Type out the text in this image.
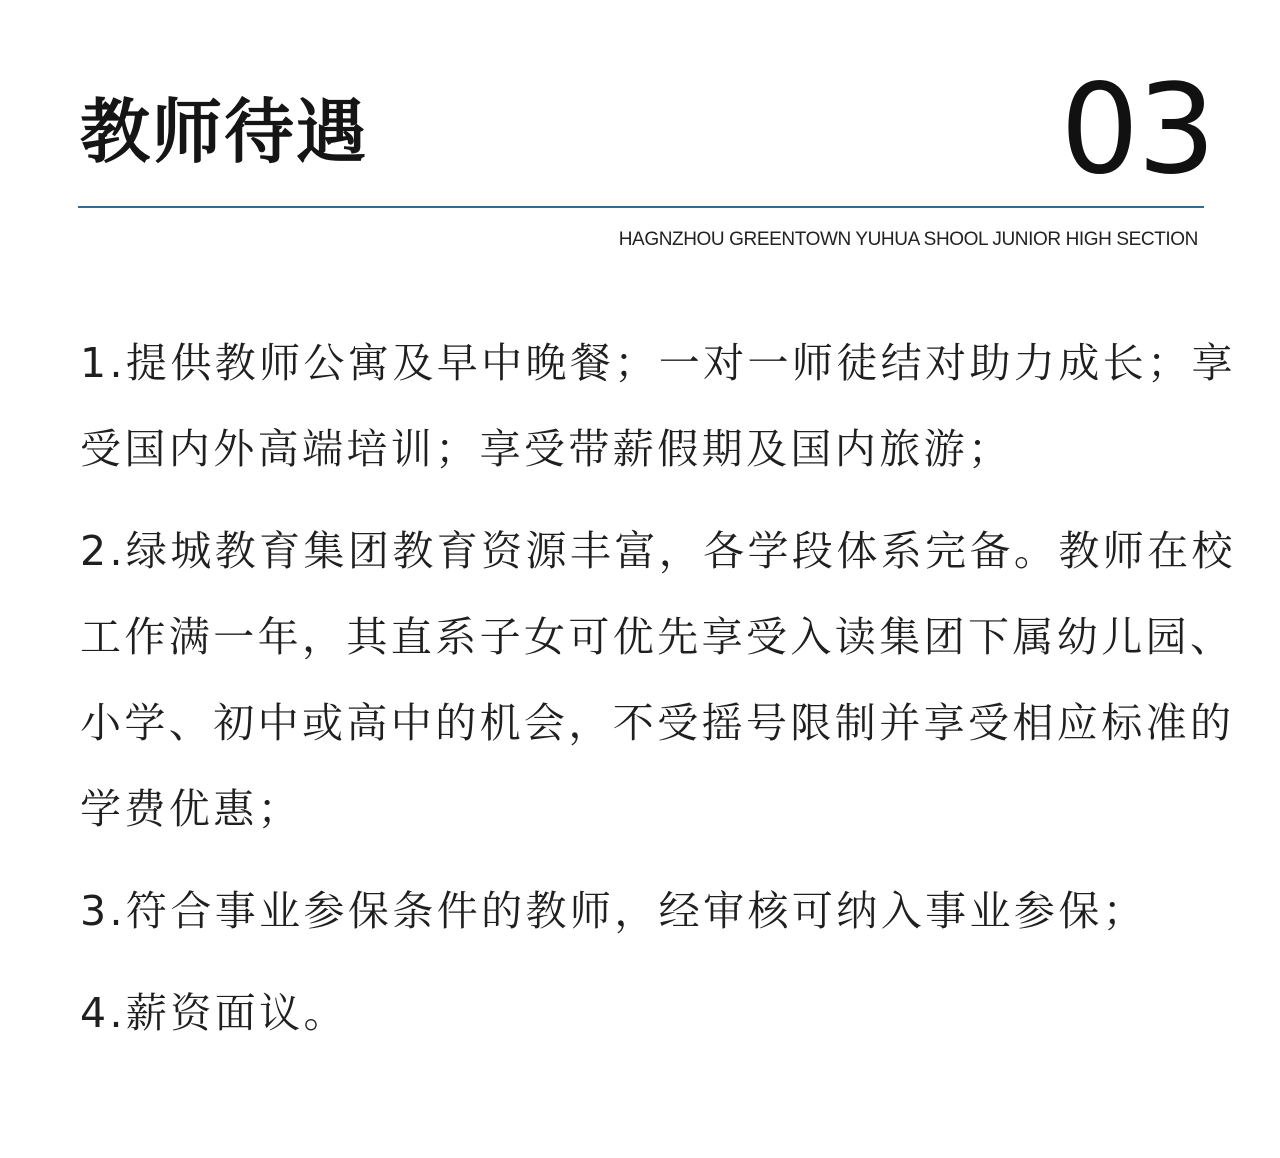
教师待遇	03
HAGNZHOU GREENTOWN YUHUA SHOOL JUNIOR HIGH SECTION

1.提供教师公寓及早中晚餐；一对一师徒结对助力成长；享受国内外高端培训；享受带薪假期及国内旅游；

2.绿城教育集团教育资源丰富，各学段体系完备。教师在校工作满一年，其直系子女可优先享受入读集团下属幼儿园、小学、初中或高中的机会，不受摇号限制并享受相应标准的学费优惠；

3.符合事业参保条件的教师，经审核可纳入事业参保；

4.薪资面议。
